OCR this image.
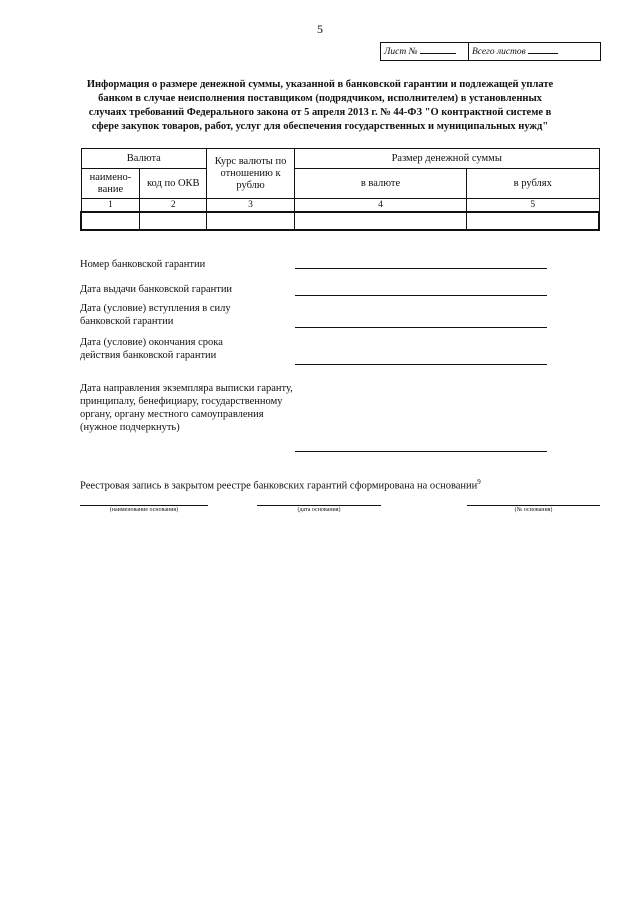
5
Лист №	Всего листов
Информация о размере денежной суммы, указанной в банковской гарантии и подлежащей уплате банком в случае неисполнения поставщиком (подрядчиком, исполнителем) в установленных случаях требований Федерального закона от 5 апреля 2013 г. № 44-ФЗ "О контрактной системе в сфере закупок товаров, работ, услуг для обеспечения государственных и муниципальных нужд"
Валюта		Курс валюты по отношению к рублю	Размер денежной суммы	
наимено-вание	код по ОКВ		в валюте	в рублях
1	2	3	4	5

Номер банковской гарантии
Дата выдачи банковской гарантии
Дата (условие) вступления в силу банковской гарантии
Дата (условие) окончания срока действия банковской гарантии
Дата направления экземпляра выписки гаранту, принципалу, бенефициару, государственному органу, органу местного самоуправления (нужное подчеркнуть)
Реестровая запись в закрытом реестре банковских гарантий сформирована на основании$^9$
(наименование основания)	(дата основания)	(№ основания)
